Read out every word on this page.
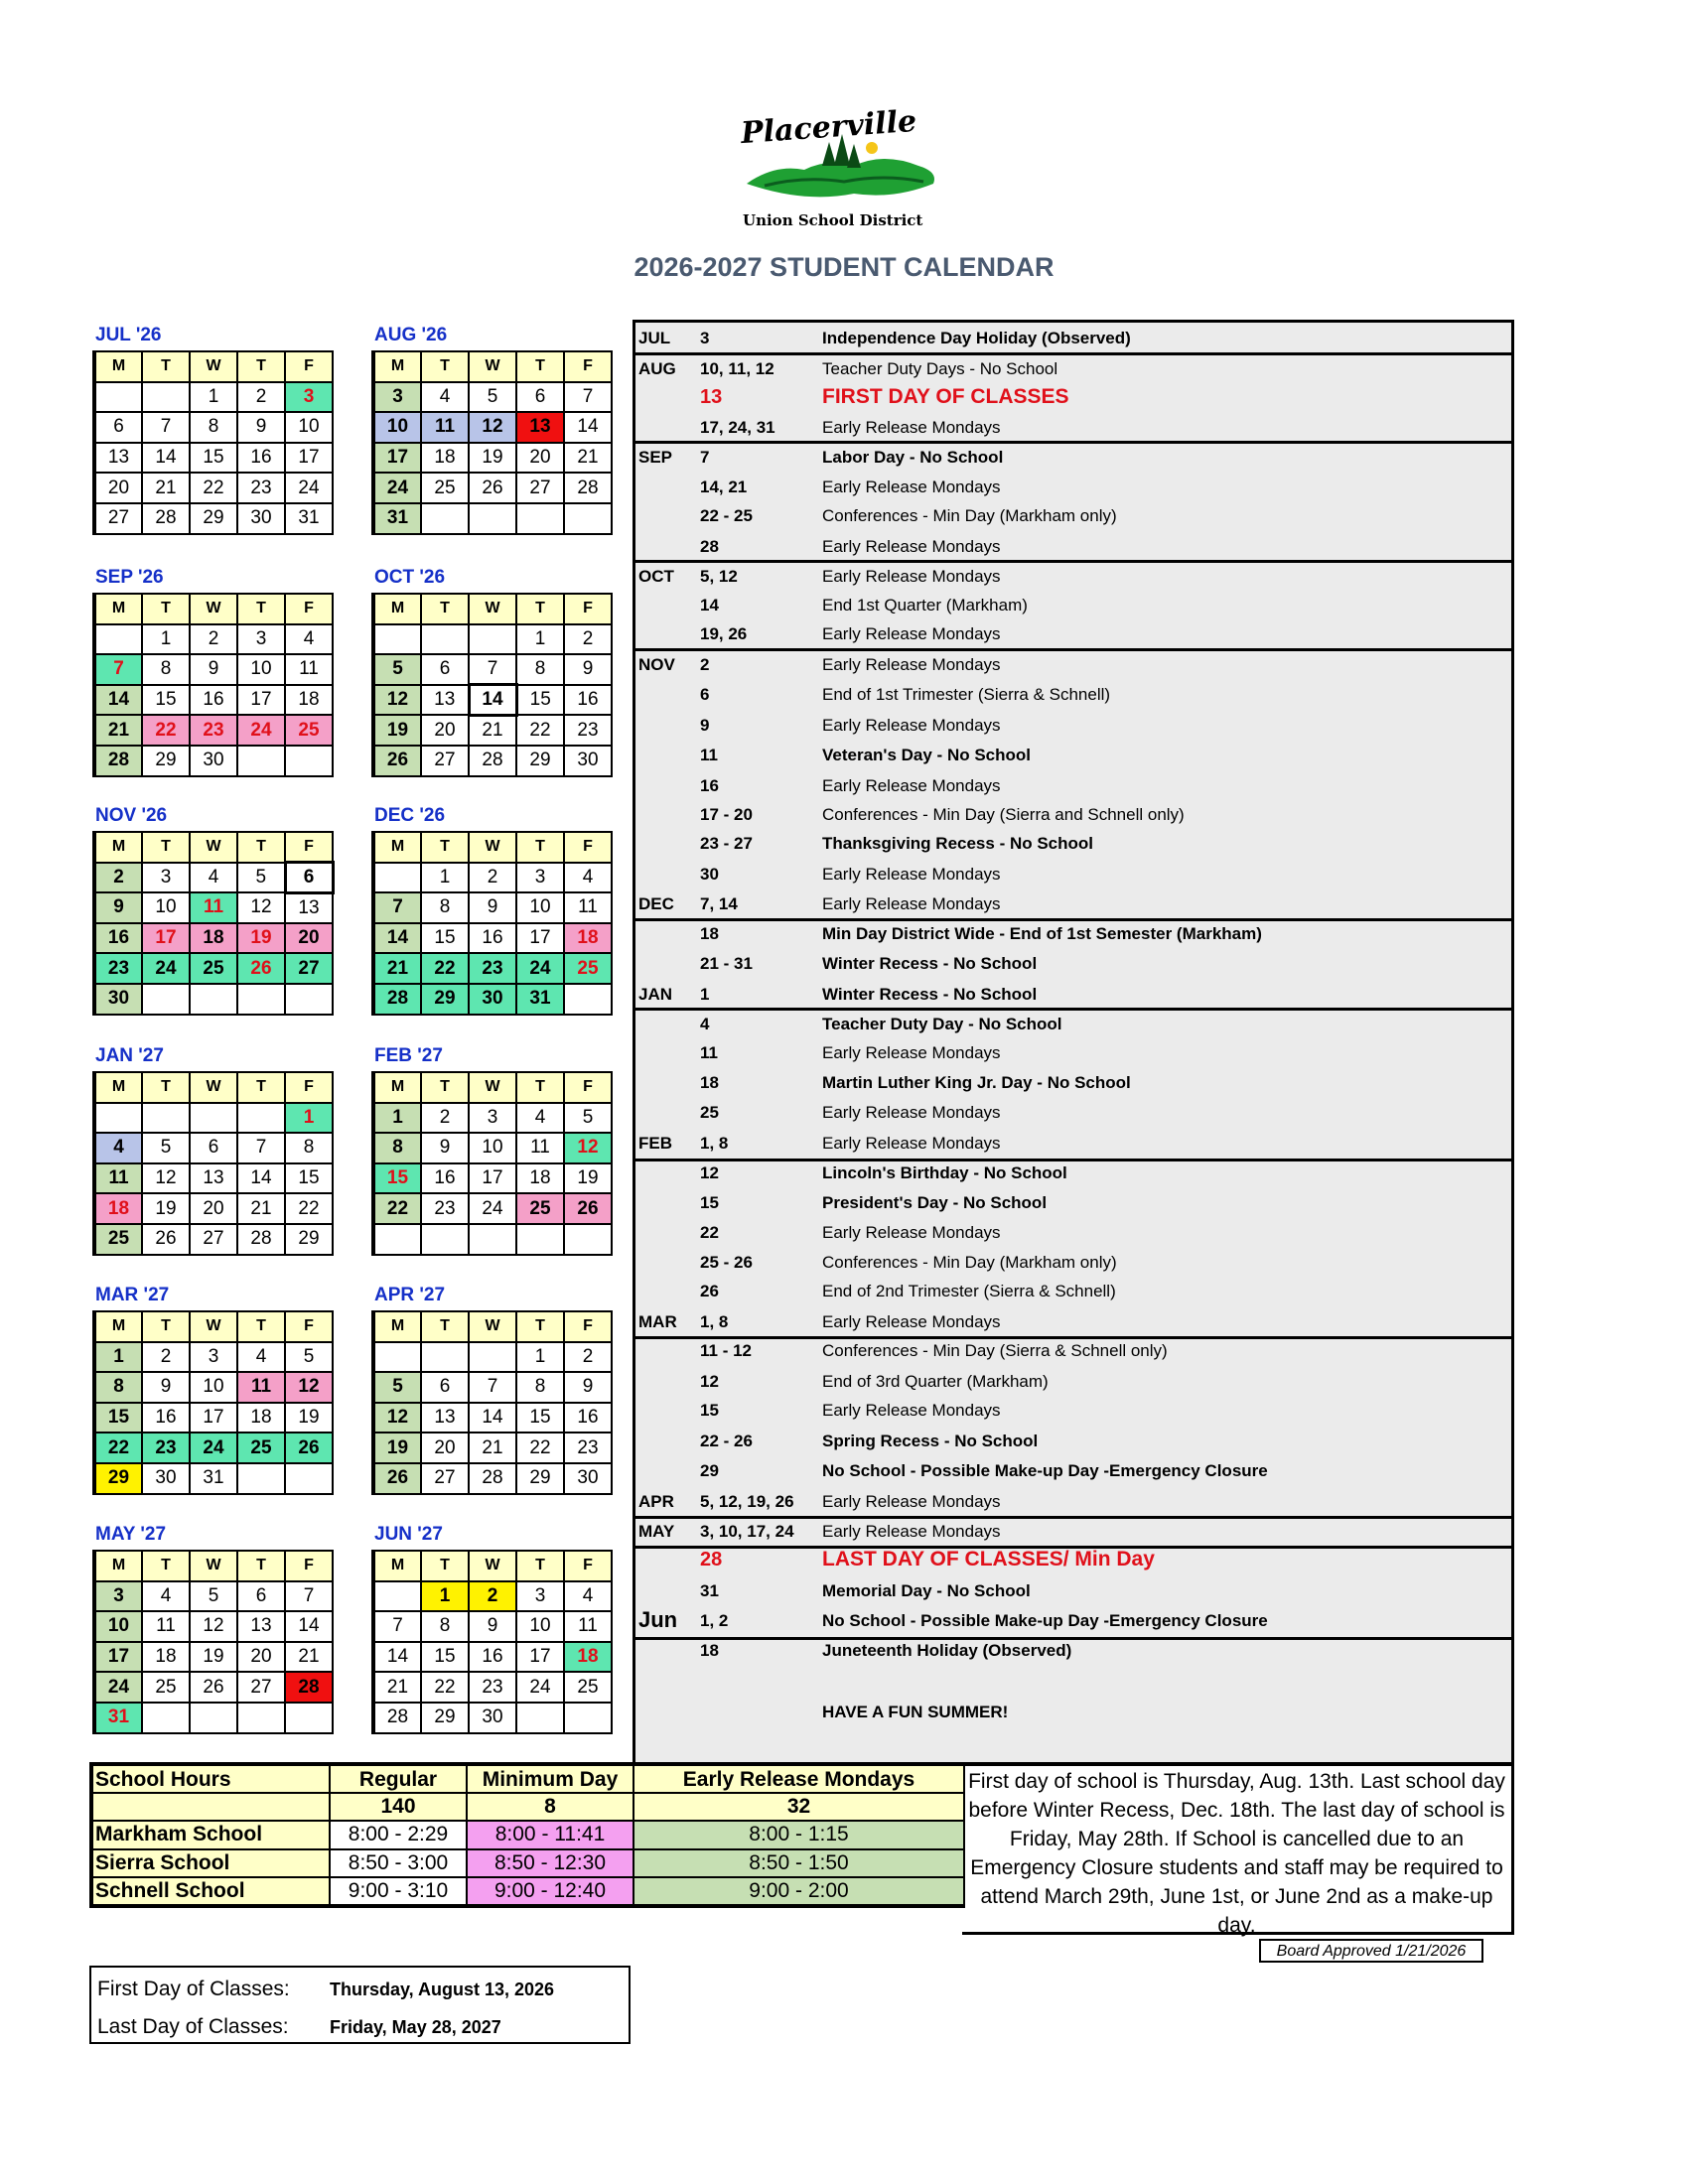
Placerville
Union School District
2026-2027 STUDENT CALENDAR
JUL '26
M	T	W	T	F
		1	2	3
6	7	8	9	10
13	14	15	16	17
20	21	22	23	24
27	28	29	30	31
AUG '26
M	T	W	T	F
3	4	5	6	7
10	11	12	13	14
17	18	19	20	21
24	25	26	27	28
31				
SEP '26
M	T	W	T	F
	1	2	3	4
7	8	9	10	11
14	15	16	17	18
21	22	23	24	25
28	29	30		
OCT '26
M	T	W	T	F
			1	2
5	6	7	8	9
12	13	14	15	16
19	20	21	22	23
26	27	28	29	30
NOV '26
M	T	W	T	F
2	3	4	5	6
9	10	11	12	13
16	17	18	19	20
23	24	25	26	27
30				
DEC '26
M	T	W	T	F
	1	2	3	4
7	8	9	10	11
14	15	16	17	18
21	22	23	24	25
28	29	30	31	
JAN '27
M	T	W	T	F
				1
4	5	6	7	8
11	12	13	14	15
18	19	20	21	22
25	26	27	28	29
FEB '27
M	T	W	T	F
1	2	3	4	5
8	9	10	11	12
15	16	17	18	19
22	23	24	25	26

MAR '27
M	T	W	T	F
1	2	3	4	5
8	9	10	11	12
15	16	17	18	19
22	23	24	25	26
29	30	31		
APR '27
M	T	W	T	F
			1	2
5	6	7	8	9
12	13	14	15	16
19	20	21	22	23
26	27	28	29	30
MAY '27
M	T	W	T	F
3	4	5	6	7
10	11	12	13	14
17	18	19	20	21
24	25	26	27	28
31				
JUN '27
M	T	W	T	F
	1	2	3	4
7	8	9	10	11
14	15	16	17	18
21	22	23	24	25
28	29	30		
JUL 3	Independence Day Holiday (Observed)
AUG 10, 11, 12	Teacher Duty Days - No School
13	FIRST DAY OF CLASSES
17, 24, 31	Early Release Mondays
SEP 7	Labor Day - No School
14, 21	Early Release Mondays
22 - 25	Conferences - Min Day (Markham only)
28	Early Release Mondays
OCT 5, 12	Early Release Mondays
14	End 1st Quarter (Markham)
19, 26	Early Release Mondays
NOV 2	Early Release Mondays
6	End of 1st Trimester (Sierra & Schnell)
9	Early Release Mondays
11	Veteran's Day - No School
16	Early Release Mondays
17 - 20	Conferences - Min Day (Sierra and Schnell only)
23 - 27	Thanksgiving Recess - No School
30	Early Release Mondays
DEC 7, 14	Early Release Mondays
18	Min Day District Wide - End of 1st Semester (Markham)
21 - 31	Winter Recess - No School
JAN 1	Winter Recess - No School
4	Teacher Duty Day - No School
11	Early Release Mondays
18	Martin Luther King Jr. Day - No School
25	Early Release Mondays
FEB 1, 8	Early Release Mondays
12	Lincoln's Birthday - No School
15	President's Day - No School
22	Early Release Mondays
25 - 26	Conferences - Min Day (Markham only)
26	End of 2nd Trimester (Sierra & Schnell)
MAR 1, 8	Early Release Mondays
11 - 12	Conferences - Min Day (Sierra & Schnell only)
12	End of 3rd Quarter (Markham)
15	Early Release Mondays
22 - 26	Spring Recess - No School
29	No School - Possible Make-up Day -Emergency Closure
APR 5, 12, 19, 26 Early Release Mondays
MAY 3, 10, 17, 24 Early Release Mondays
28	LAST DAY OF CLASSES/ Min Day
31	Memorial Day - No School
Jun 1, 2	No School - Possible Make-up Day -Emergency Closure
18	Juneteenth Holiday (Observed)
HAVE A FUN SUMMER!
School Hours	Regular	Minimum Day	Early Release Mondays
	140	8	32
Markham School	8:00 - 2:29	8:00 - 11:41	8:00 - 1:15
Sierra School	8:50 - 3:00	8:50 - 12:30	8:50 - 1:50
Schnell School	9:00 - 3:10	9:00 - 12:40	9:00 - 2:00
First day of school is Thursday, Aug. 13th. Last school day before Winter Recess, Dec. 18th. The last day of school is Friday, May 28th. If School is cancelled due to an Emergency Closure students and staff may be required to attend March 29th, June 1st, or June 2nd as a make-up day.
Board Approved 1/21/2026
First Day of Classes: Thursday, August 13, 2026
Last Day of Classes: Friday, May 28, 2027
